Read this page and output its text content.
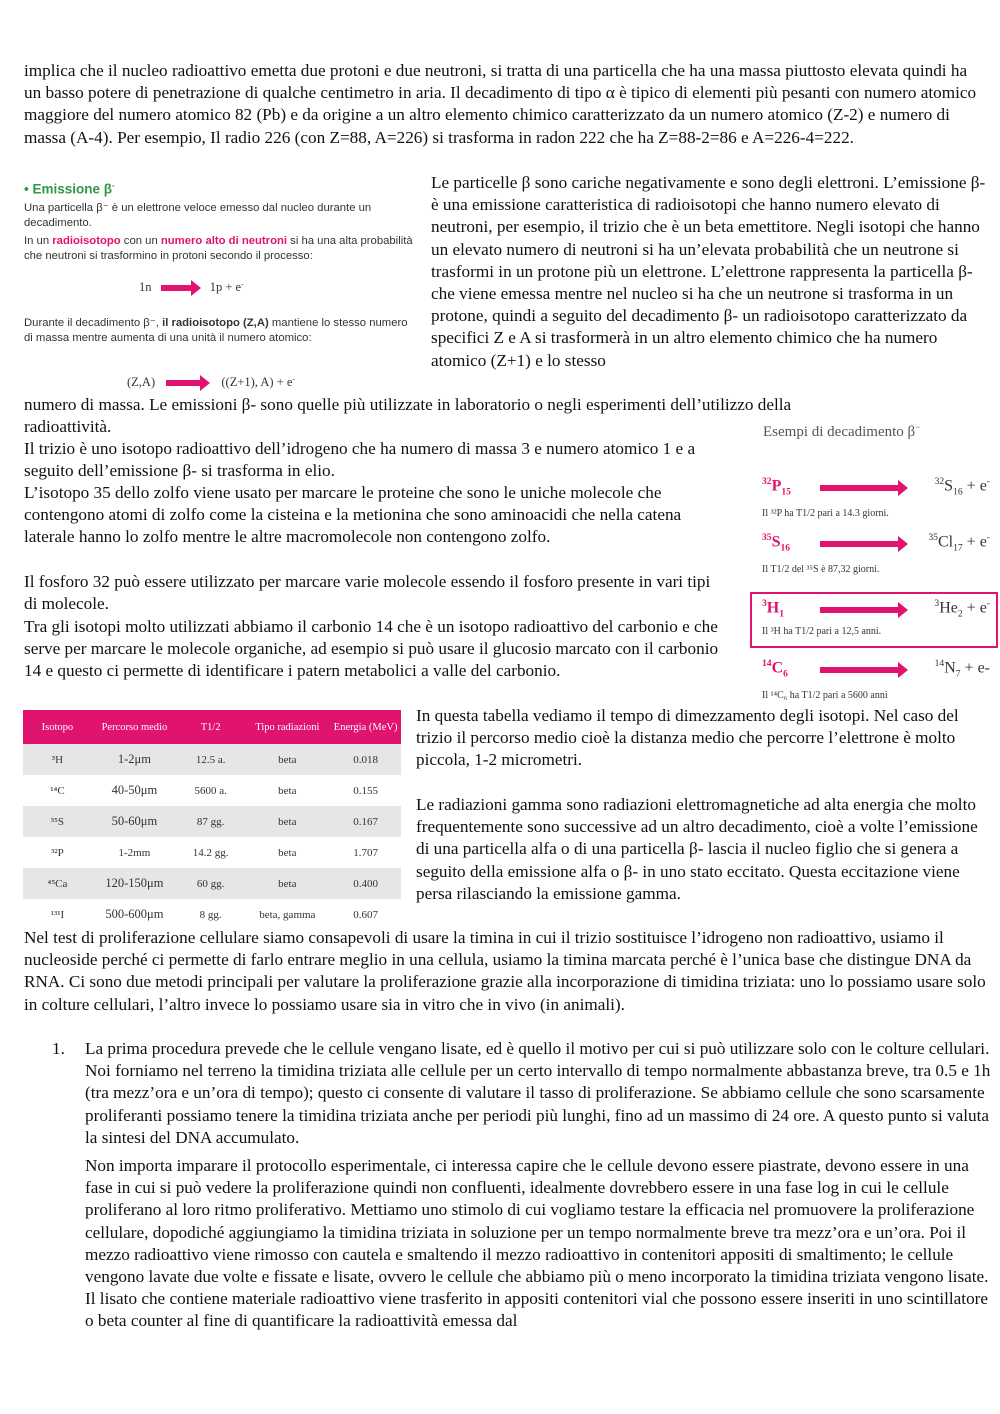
implica che il nucleo radioattivo emetta due protoni e due neutroni, si tratta di una particella che ha una massa piuttosto elevata quindi ha un basso potere di penetrazione di qualche centimetro in aria. Il decadimento di tipo α è tipico di elementi più pesanti con numero atomico maggiore del numero atomico 82 (Pb) e da origine a un altro elemento chimico caratterizzato da un numero atomico (Z-2) e numero di massa (A-4). Per esempio, Il radio 226 (con Z=88, A=226) si trasforma in radon 222 che ha Z=88-2=86 e A=226-4=222.

• Emissione β-

Una particella β⁻ è un elettrone veloce emesso dal nucleo durante un decadimento.

In un radioisotopo con un numero alto di neutroni si ha una alta probabilità che neutroni si trasformino in protoni secondo il processo:

1n	1p + e-

Durante il decadimento β⁻, il radioisotopo (Z,A) mantiene lo stesso numero di massa mentre aumenta di una unità il numero atomico:

(Z,A)	((Z+1), A) + e-

Le particelle β sono cariche negativamente e sono degli elettroni. L’emissione β- è una emissione caratteristica di radioisotopi che hanno numero elevato di neutroni, per esempio, il trizio che è un beta emettitore. Negli isotopi che hanno un elevato numero di neutroni si ha un’elevata probabilità che un neutrone si trasformi in un protone più un elettrone. L’elettrone rappresenta la particella β- che viene emessa mentre nel nucleo si ha che un neutrone si trasforma in un protone, quindi a seguito del decadimento β- un radioisotopo caratterizzato da specifici Z e A si trasformerà in un altro elemento chimico che ha numero atomico (Z+1) e lo stesso

numero di massa. Le emissioni β- sono quelle più utilizzate in laboratorio o negli esperimenti dell’utilizzo della

radioattività.	Esempi di decadimento β−
$^{32}P_{15}$
$^{32}S_{16} + e^-$
Il ³²P ha T1/2 pari a 14.3 giorni.
$^{35}S_{16}$
$^{35}Cl_{17} + e^-$
Il T1/2 del ³⁵S è 87,32 giorni.
$^3H_1$
$^3He_2 + e^-$
Il ³H ha T1/2 pari a 12,5 anni.
$^{14}C_6$
$^{14}N_7 + e-$
Il ¹⁴C₆ ha T1/2 pari a 5600 anni

Il trizio è uno isotopo radioattivo dell’idrogeno che ha numero di massa 3 e numero atomico 1 e a seguito dell’emissione β- si trasforma in elio.

L’isotopo 35 dello zolfo viene usato per marcare le proteine che sono le uniche molecole che contengono atomi di zolfo come la cisteina e la metionina che sono aminoacidi che nella catena laterale hanno lo zolfo mentre le altre macromolecole non contengono zolfo.

Il fosforo 32 può essere utilizzato per marcare varie molecole essendo il fosforo presente in vari tipi di molecole.

Tra gli isotopi molto utilizzati abbiamo il carbonio 14 che è un isotopo radioattivo del carbonio e che serve per marcare le molecole organiche, ad esempio si può usare il glucosio marcato con il carbonio 14 e questo ci permette di identificare i patern metabolici a valle del carbonio.

Isotopo	Percorso medio	T1/2	Tipo radiazioni	Energia (MeV)
³H	1-2μm	12.5 a.	beta	0.018
¹⁴C	40-50μm	5600 a.	beta	0.155
³⁵S	50-60μm	87 gg.	beta	0.167
³²P	1-2mm	14.2 gg.	beta	1.707
⁴⁵Ca	120-150μm	60 gg.	beta	0.400
¹³¹I	500-600μm	8 gg.	beta, gamma	0.607

In questa tabella vediamo il tempo di dimezzamento degli isotopi. Nel caso del trizio il percorso medio cioè la distanza medio che percorre l’elettrone è molto piccola, 1-2 micrometri.

Le radiazioni gamma sono radiazioni elettromagnetiche ad alta energia che molto frequentemente sono successive ad un altro decadimento, cioè a volte l’emissione di una particella alfa o di una particella β- lascia il nucleo figlio che si genera a seguito della emissione alfa o β- in uno stato eccitato. Questa eccitazione viene persa rilasciando la emissione gamma.

Nel test di proliferazione cellulare siamo consapevoli di usare la timina in cui il trizio sostituisce l’idrogeno non radioattivo, usiamo il nucleoside perché ci permette di farlo entrare meglio in una cellula, usiamo la timina marcata perché è l’unica base che distingue DNA da RNA. Ci sono due metodi principali per valutare la proliferazione grazie alla incorporazione di timidina triziata: uno lo possiamo usare solo in colture cellulari, l’altro invece lo possiamo usare sia in vitro che in vivo (in animali).

1. La prima procedura prevede che le cellule vengano lisate, ed è quello il motivo per cui si può utilizzare solo con le colture cellulari. Noi forniamo nel terreno la timidina triziata alle cellule per un certo intervallo di tempo normalmente abbastanza breve, tra 0.5 e 1h (tra mezz’ora e un’ora di tempo); questo ci consente di valutare il tasso di proliferazione. Se abbiamo cellule che sono scarsamente proliferanti possiamo tenere la timidina triziata anche per periodi più lunghi, fino ad un massimo di 24 ore. A questo punto si valuta la sintesi del DNA accumulato.

Non importa imparare il protocollo esperimentale, ci interessa capire che le cellule devono essere piastrate, devono essere in una fase in cui si può vedere la proliferazione quindi non confluenti, idealmente dovrebbero essere in una fase log in cui le cellule proliferano al loro ritmo proliferativo. Mettiamo uno stimolo di cui vogliamo testare la efficacia nel promuovere la proliferazione cellulare, dopodiché aggiungiamo la timidina triziata in soluzione per un tempo normalmente breve tra mezz’ora e un’ora. Poi il mezzo radioattivo viene rimosso con cautela e smaltendo il mezzo radioattivo in contenitori appositi di smaltimento; le cellule vengono lavate due volte e fissate e lisate, ovvero le cellule che abbiamo più o meno incorporato la timidina triziata vengono lisate. Il lisato che contiene materiale radioattivo viene trasferito in appositi contenitori vial che possono essere inseriti in uno scintillatore o beta counter al fine di quantificare la radioattività emessa dal
